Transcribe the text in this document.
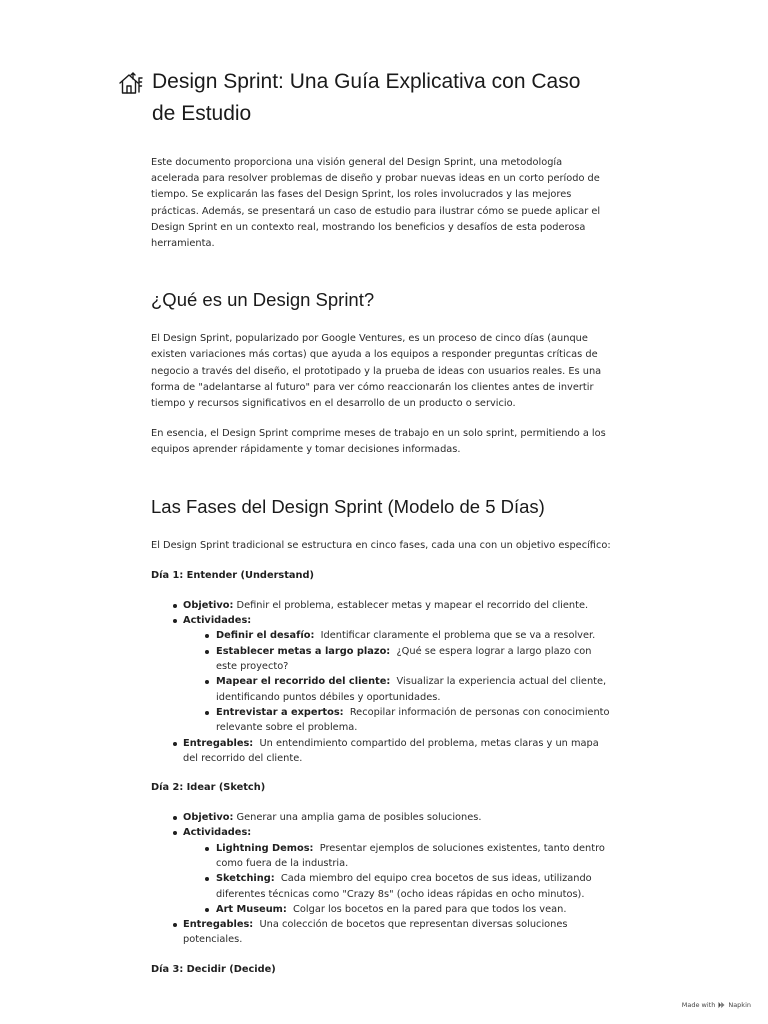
Design Sprint: Una Guía Explicativa con Caso de Estudio

Este documento proporciona una visión general del Design Sprint, una metodología acelerada para resolver problemas de diseño y probar nuevas ideas en un corto período de tiempo. Se explicarán las fases del Design Sprint, los roles involucrados y las mejores prácticas. Además, se presentará un caso de estudio para ilustrar cómo se puede aplicar el Design Sprint en un contexto real, mostrando los beneficios y desafíos de esta poderosa herramienta.

¿Qué es un Design Sprint?

El Design Sprint, popularizado por Google Ventures, es un proceso de cinco días (aunque existen variaciones más cortas) que ayuda a los equipos a responder preguntas críticas de negocio a través del diseño, el prototipado y la prueba de ideas con usuarios reales. Es una forma de "adelantarse al futuro" para ver cómo reaccionarán los clientes antes de invertir tiempo y recursos significativos en el desarrollo de un producto o servicio.

En esencia, el Design Sprint comprime meses de trabajo en un solo sprint, permitiendo a los equipos aprender rápidamente y tomar decisiones informadas.

Las Fases del Design Sprint (Modelo de 5 Días)

El Design Sprint tradicional se estructura en cinco fases, cada una con un objetivo específico:

Día 1: Entender (Understand)
Objetivo: Definir el problema, establecer metas y mapear el recorrido del cliente.
Actividades:
Definir el desafío: Identificar claramente el problema que se va a resolver.
Establecer metas a largo plazo: ¿Qué se espera lograr a largo plazo con este proyecto?
Mapear el recorrido del cliente: Visualizar la experiencia actual del cliente, identificando puntos débiles y oportunidades.
Entrevistar a expertos: Recopilar información de personas con conocimiento relevante sobre el problema.
Entregables: Un entendimiento compartido del problema, metas claras y un mapa del recorrido del cliente.
Día 2: Idear (Sketch)
Objetivo: Generar una amplia gama de posibles soluciones.
Actividades:
Lightning Demos: Presentar ejemplos de soluciones existentes, tanto dentro como fuera de la industria.
Sketching: Cada miembro del equipo crea bocetos de sus ideas, utilizando diferentes técnicas como "Crazy 8s" (ocho ideas rápidas en ocho minutos).
Art Museum: Colgar los bocetos en la pared para que todos los vean.
Entregables: Una colección de bocetos que representan diversas soluciones potenciales.
Día 3: Decidir (Decide)
Made with Napkin
